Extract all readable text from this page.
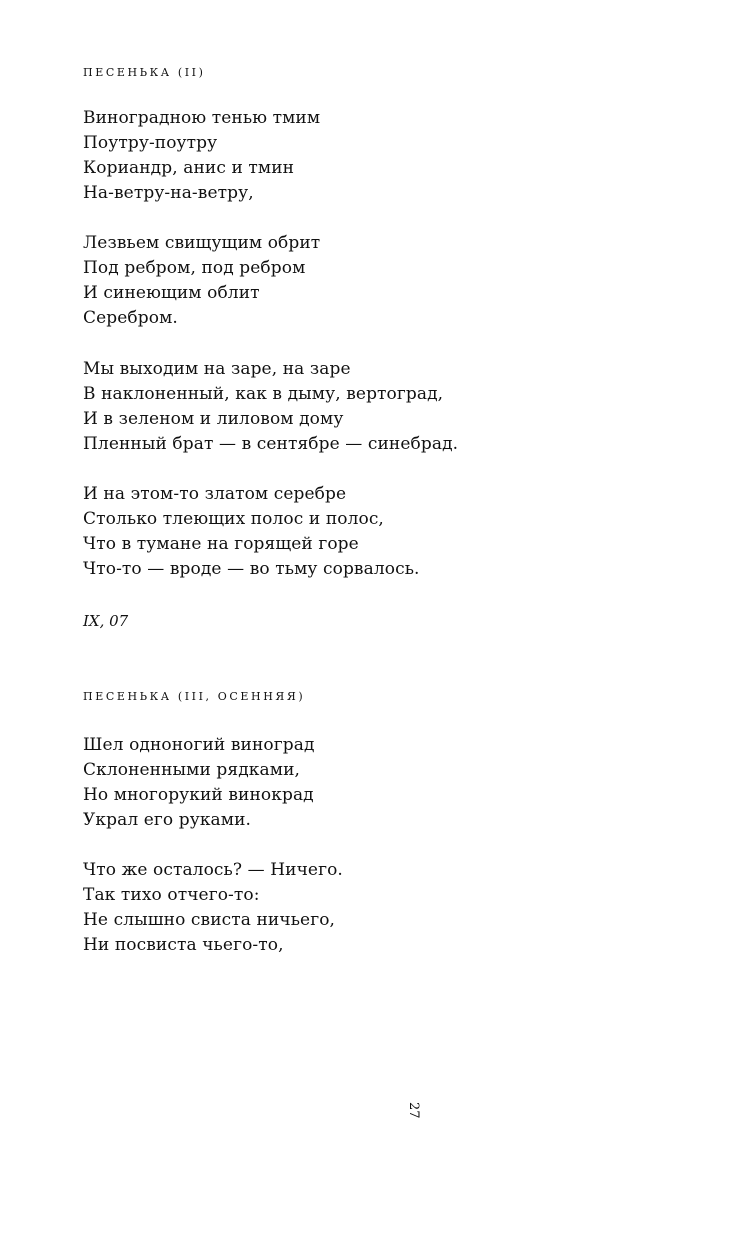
ПЕСЕНЬКА (II)
Виноградною тенью тмим
Поутру-поутру
Кориандр, анис и тмин
На-ветру-на-ветру,
Лезвьем свищущим обрит
Под ребром, под ребром
И синеющим облит
Серебром.
Мы выходим на заре, на заре
В наклоненный, как в дыму, вертоград,
И в зеленом и лиловом дому
Пленный брат — в сентябре — синебрад.
И на этом-то златом серебре
Столько тлеющих полос и полос,
Что в тумане на горящей горе
Что-то — вроде — во тьму сорвалось.
IX, 07
ПЕСЕНЬКА (III, ОСЕННЯЯ)
Шел одноногий виноград
Склоненными рядками,
Но многорукий винокрад
Украл его руками.
Что же осталось? — Ничего.
Так тихо отчего-то:
Не слышно свиста ничьего,
Ни посвиста чьего-то,
27
